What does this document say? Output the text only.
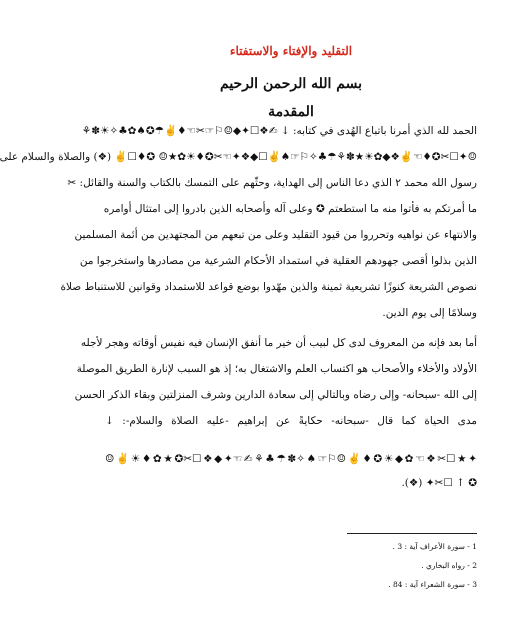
التقليد والإفتاء والاستفتاء
بسم الله الرحمن الرحيم
المقدمة
الحمد لله الذي أمرنا باتباع الهُدى في كتابه: ↓ ✍︎❖☐✦◆☺⚐☞✂☜♦✌☂✪♠✿♣✧☀✽⚘
☺✦☐✂✪♦☜✌❖◆✿☀★✽⚘☂♣✧⚐☞♠✌☐◆❖✦☜✂✪♦☀✿★☺ ✪♦☐✌ (❖) والصلاة والسلام على
رسول الله محمد ٢ الذي دعا الناس إلى الهداية، وحثّهم على التمسك بالكتاب والسنة والقائل: ✂
ما أمرتكم به فأتوا منه ما استطعتم ✪ وعلى آله وأصحابه الذين بادروا إلى امتثال أوامره
والانتهاء عن نواهيه وتحرروا من قيود التقليد وعلى من تبعهم من المجتهدين من أئمة المسلمين
الذين بذلوا أقصى جهودهم العقلية في استمداد الأحكام الشرعية من مصادرها واستخرجوا من
نصوص الشريعة كنوزًا تشريعية ثمينة والذين مهّدوا بوضع قواعد للاستمداد وقوانين للاستنباط صلاة
وسلامًا إلى يوم الدين.
أما بعد فإنه من المعروف لدى كل لبيب أن خير ما أنفق الإنسان فيه نفيس أوقاته وهجر لأجله
الأولاد والأخلاء والأصحاب هو اكتساب العلم والاشتغال به؛ إذ هو السبب لإنارة الطريق الموصلة
إلى الله -سبحانه- وإلى رضاه وبالتالي إلى سعادة الدارين وشرف المنزلتين وبقاء الذكر الحسن
مدى الحياة كما قال -سبحانه- حكايةً عن إبراهيم -عليه الصلاة والسلام-: ↓
✦★☐✂❖☜✿◆☀✪♦✌☺⚐☞♠✧✽☂♣⚘✍︎☜✦◆❖☐✂✪★✿♦☀✌☺
✪ ↑ ☐✂✦ (❖).
1 - سورة الأعراف آية : 3 .
2 - رواه البخاري .
3 - سورة الشعراء آية : 84 .
